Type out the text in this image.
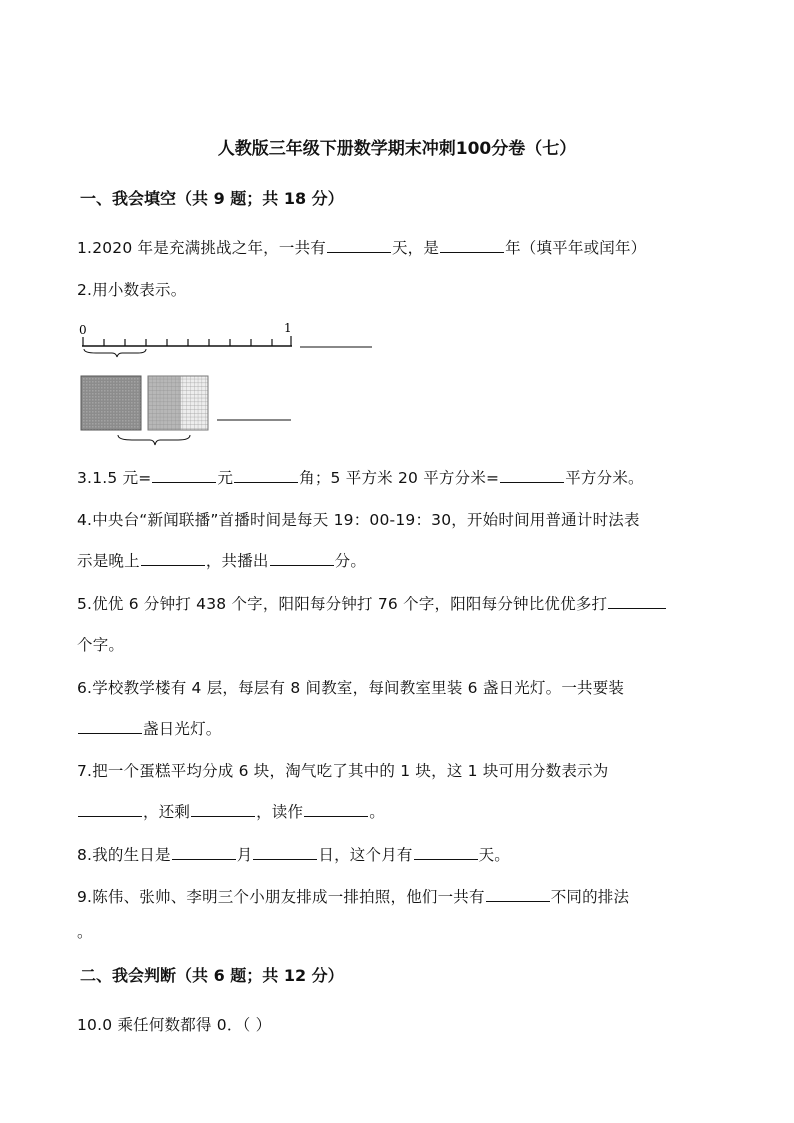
人教版三年级下册数学期末冲刺100分卷（七）
一、我会填空（共 9 题；共 18 分）
1.2020 年是充满挑战之年，一共有	天，是	年（填平年或闰年）
2.用小数表示。
0	1
3.1.5 元=	元	角；5 平方米 20 平方分米=	平方分米。
4.中央台“新闻联播”首播时间是每天 19：00-19：30，开始时间用普通计时法表
示是晚上	，共播出	分。
5.优优 6 分钟打 438 个字，阳阳每分钟打 76 个字，阳阳每分钟比优优多打
个字。
6.学校教学楼有 4 层，每层有 8 间教室，每间教室里装 6 盏日光灯。一共要装
盏日光灯。
7.把一个蛋糕平均分成 6 块，淘气吃了其中的 1 块，这 1 块可用分数表示为
，还剩	，读作	。
8.我的生日是	月	日，这个月有	天。
9.陈伟、张帅、李明三个小朋友排成一排拍照，他们一共有	不同的排法
。
二、我会判断（共 6 题；共 12 分）
10.0 乘任何数都得 0．（ ）
